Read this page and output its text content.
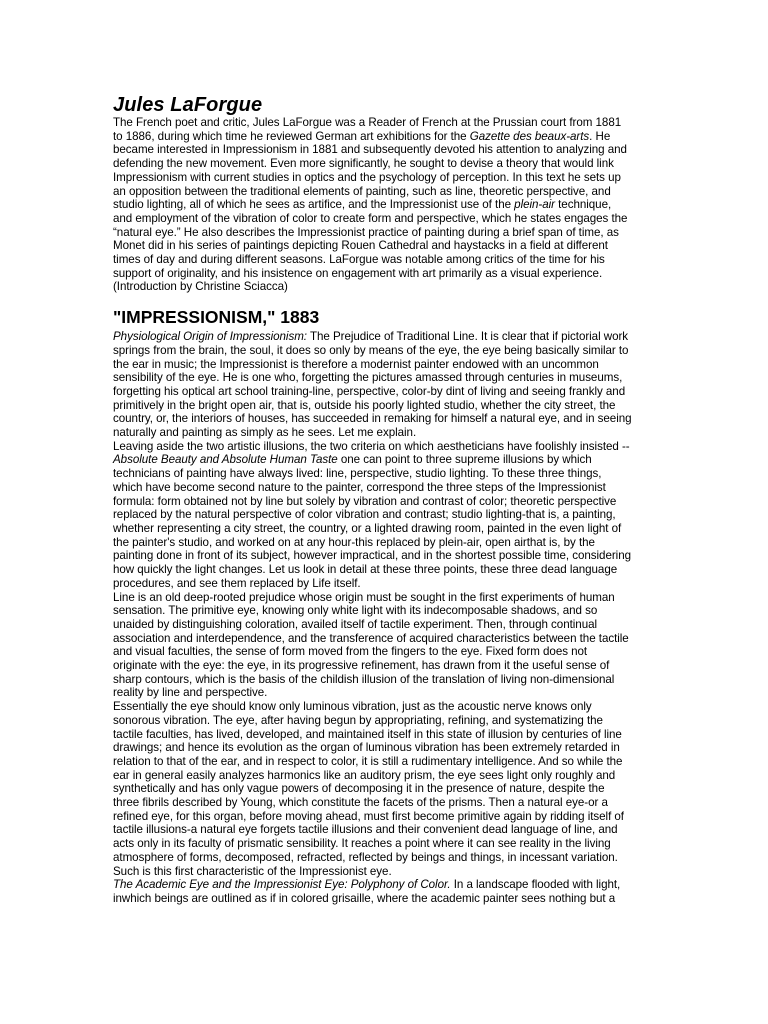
Jules LaForgue

The French poet and critic, Jules LaForgue was a Reader of French at the Prussian court from 1881 to 1886, during which time he reviewed German art exhibitions for the Gazette des beaux-arts. He became interested in Impressionism in 1881 and subsequently devoted his attention to analyzing and defending the new movement. Even more significantly, he sought to devise a theory that would link Impressionism with current studies in optics and the psychology of perception. In this text he sets up an opposition between the traditional elements of painting, such as line, theoretic perspective, and studio lighting, all of which he sees as artifice, and the Impressionist use of the plein-air technique, and employment of the vibration of color to create form and perspective, which he states engages the “natural eye.” He also describes the Impressionist practice of painting during a brief span of time, as Monet did in his series of paintings depicting Rouen Cathedral and haystacks in a field at different times of day and during different seasons. LaForgue was notable among critics of the time for his support of originality, and his insistence on engagement with art primarily as a visual experience. (Introduction by Christine Sciacca)

"IMPRESSIONISM," 1883

Physiological Origin of Impressionism: The Prejudice of Traditional Line. It is clear that if pictorial work springs from the brain, the soul, it does so only by means of the eye, the eye being basically similar to the ear in music; the Impressionist is therefore a modernist painter endowed with an uncommon sensibility of the eye. He is one who, forgetting the pictures amassed through centuries in museums, forgetting his optical art school training-line, perspective, color-by dint of living and seeing frankly and primitively in the bright open air, that is, outside his poorly lighted studio, whether the city street, the country, or, the interiors of houses, has succeeded in remaking for himself a natural eye, and in seeing naturally and painting as simply as he sees. Let me explain.

Leaving aside the two artistic illusions, the two criteria on which aestheticians have foolishly insisted -- Absolute Beauty and Absolute Human Taste one can point to three supreme illusions by which technicians of painting have always lived: line, perspective, studio lighting. To these three things, which have become second nature to the painter, correspond the three steps of the Impressionist formula: form obtained not by line but solely by vibration and contrast of color; theoretic perspective replaced by the natural perspective of color vibration and contrast; studio lighting-that is, a painting, whether representing a city street, the country, or a lighted drawing room, painted in the even light of the painter's studio, and worked on at any hour-this replaced by plein-air, open airthat is, by the painting done in front of its subject, however impractical, and in the shortest possible time, considering how quickly the light changes. Let us look in detail at these three points, these three dead language procedures, and see them replaced by Life itself.

Line is an old deep-rooted prejudice whose origin must be sought in the first experiments of human sensation. The primitive eye, knowing only white light with its indecomposable shadows, and so unaided by distinguishing coloration, availed itself of tactile experiment. Then, through continual association and interdependence, and the transference of acquired characteristics between the tactile and visual faculties, the sense of form moved from the fingers to the eye. Fixed form does not originate with the eye: the eye, in its progressive refinement, has drawn from it the useful sense of sharp contours, which is the basis of the childish illusion of the translation of living non-dimensional reality by line and perspective.

Essentially the eye should know only luminous vibration, just as the acoustic nerve knows only sonorous vibration. The eye, after having begun by appropriating, refining, and systematizing the tactile faculties, has lived, developed, and maintained itself in this state of illusion by centuries of line drawings; and hence its evolution as the organ of luminous vibration has been extremely retarded in relation to that of the ear, and in respect to color, it is still a rudimentary intelligence. And so while the ear in general easily analyzes harmonics like an auditory prism, the eye sees light only roughly and synthetically and has only vague powers of decomposing it in the presence of nature, despite the three fibrils described by Young, which constitute the facets of the prisms. Then a natural eye-or a refined eye, for this organ, before moving ahead, must first become primitive again by ridding itself of tactile illusions-a natural eye forgets tactile illusions and their convenient dead language of line, and acts only in its faculty of prismatic sensibility. It reaches a point where it can see reality in the living atmosphere of forms, decomposed, refracted, reflected by beings and things, in incessant variation. Such is this first characteristic of the Impressionist eye.

The Academic Eye and the Impressionist Eye: Polyphony of Color. In a landscape flooded with light, inwhich beings are outlined as if in colored grisaille, where the academic painter sees nothing but a
